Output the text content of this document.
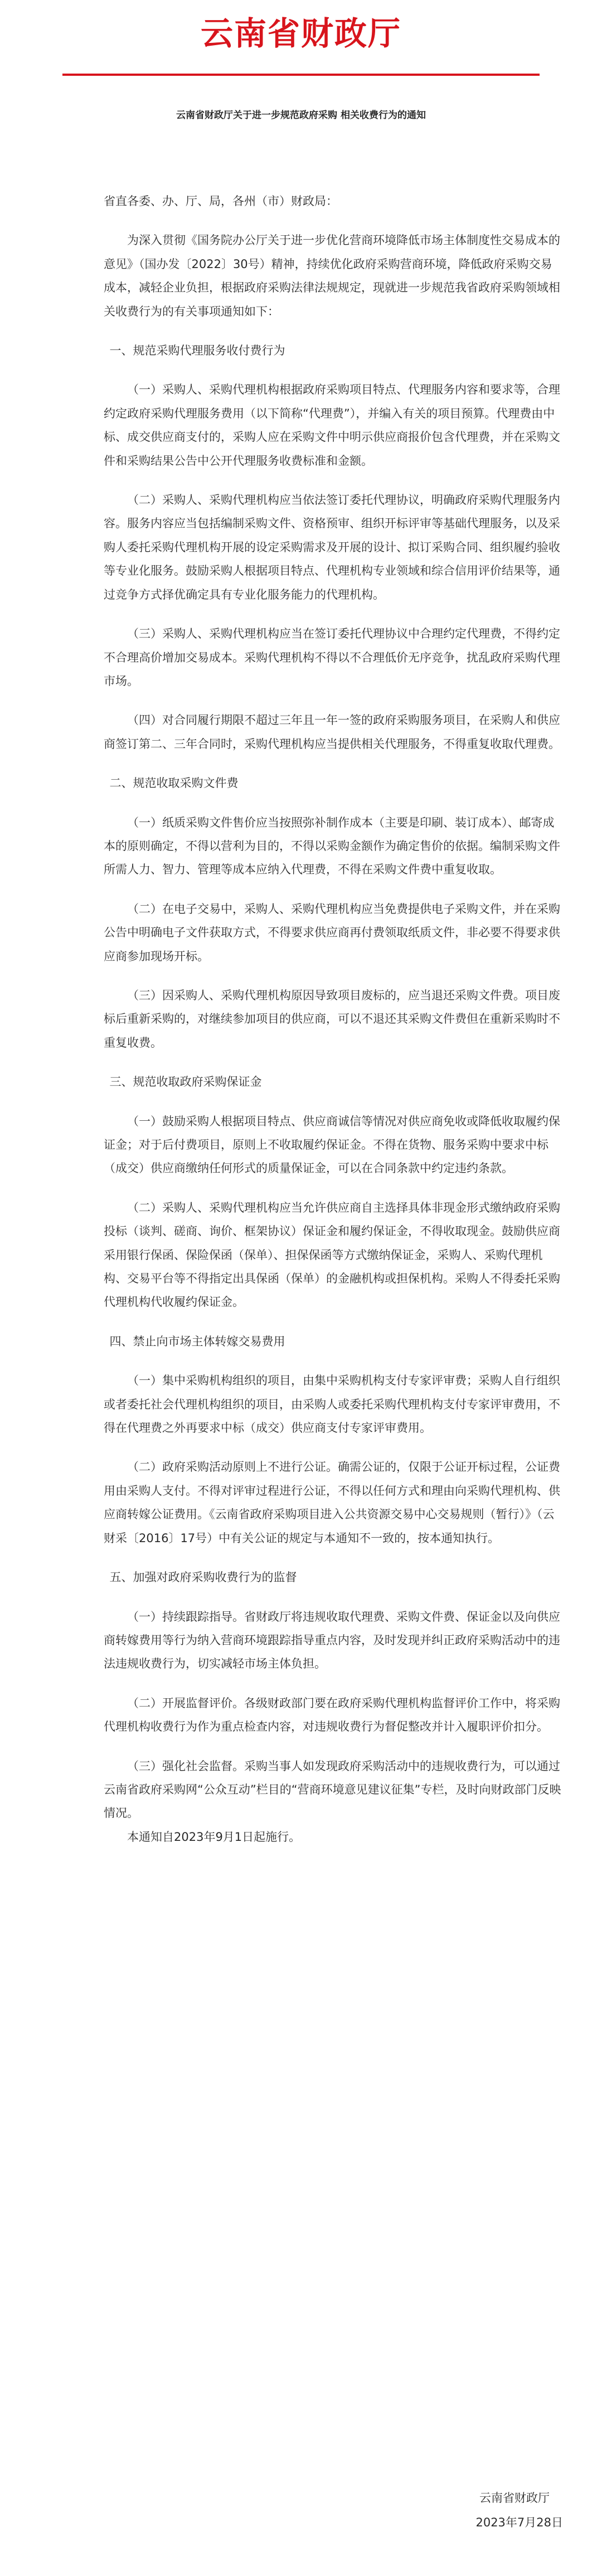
云南省财政厅
云南省财政厅关于进一步规范政府采购 相关收费行为的通知

省直各委、办、厅、局，各州（市）财政局：

为深入贯彻《国务院办公厅关于进一步优化营商环境降低市场主体制度性交易成本的意见》（国办发〔2022〕30号）精神，持续优化政府采购营商环境，降低政府采购交易成本，减轻企业负担，根据政府采购法律法规规定，现就进一步规范我省政府采购领域相关收费行为的有关事项通知如下：

一、规范采购代理服务收付费行为

（一）采购人、采购代理机构根据政府采购项目特点、代理服务内容和要求等，合理约定政府采购代理服务费用（以下简称“代理费”），并编入有关的项目预算。代理费由中标、成交供应商支付的，采购人应在采购文件中明示供应商报价包含代理费，并在采购文件和采购结果公告中公开代理服务收费标准和金额。

（二）采购人、采购代理机构应当依法签订委托代理协议，明确政府采购代理服务内容。服务内容应当包括编制采购文件、资格预审、组织开标评审等基础代理服务，以及采购人委托采购代理机构开展的设定采购需求及开展的设计、拟订采购合同、组织履约验收等专业化服务。鼓励采购人根据项目特点、代理机构专业领域和综合信用评价结果等，通过竞争方式择优确定具有专业化服务能力的代理机构。

（三）采购人、采购代理机构应当在签订委托代理协议中合理约定代理费，不得约定不合理高价增加交易成本。采购代理机构不得以不合理低价无序竞争，扰乱政府采购代理市场。

（四）对合同履行期限不超过三年且一年一签的政府采购服务项目，在采购人和供应商签订第二、三年合同时，采购代理机构应当提供相关代理服务，不得重复收取代理费。

二、规范收取采购文件费

（一）纸质采购文件售价应当按照弥补制作成本（主要是印刷、装订成本）、邮寄成本的原则确定，不得以营利为目的，不得以采购金额作为确定售价的依据。编制采购文件所需人力、智力、管理等成本应纳入代理费，不得在采购文件费中重复收取。

（二）在电子交易中，采购人、采购代理机构应当免费提供电子采购文件，并在采购公告中明确电子文件获取方式，不得要求供应商再付费领取纸质文件，非必要不得要求供应商参加现场开标。

（三）因采购人、采购代理机构原因导致项目废标的，应当退还采购文件费。项目废标后重新采购的，对继续参加项目的供应商，可以不退还其采购文件费但在重新采购时不重复收费。

三、规范收取政府采购保证金

（一）鼓励采购人根据项目特点、供应商诚信等情况对供应商免收或降低收取履约保证金；对于后付费项目，原则上不收取履约保证金。不得在货物、服务采购中要求中标（成交）供应商缴纳任何形式的质量保证金，可以在合同条款中约定违约条款。

（二）采购人、采购代理机构应当允许供应商自主选择具体非现金形式缴纳政府采购投标（谈判、磋商、询价、框架协议）保证金和履约保证金，不得收取现金。鼓励供应商采用银行保函、保险保函（保单）、担保保函等方式缴纳保证金，采购人、采购代理机构、交易平台等不得指定出具保函（保单）的金融机构或担保机构。采购人不得委托采购代理机构代收履约保证金。

四、禁止向市场主体转嫁交易费用

（一）集中采购机构组织的项目，由集中采购机构支付专家评审费；采购人自行组织或者委托社会代理机构组织的项目，由采购人或委托采购代理机构支付专家评审费用，不得在代理费之外再要求中标（成交）供应商支付专家评审费用。

（二）政府采购活动原则上不进行公证。确需公证的，仅限于公证开标过程，公证费用由采购人支付。不得对评审过程进行公证，不得以任何方式和理由向采购代理机构、供应商转嫁公证费用。《云南省政府采购项目进入公共资源交易中心交易规则（暂行）》（云财采〔2016〕17号）中有关公证的规定与本通知不一致的，按本通知执行。

五、加强对政府采购收费行为的监督

（一）持续跟踪指导。省财政厅将违规收取代理费、采购文件费、保证金以及向供应商转嫁费用等行为纳入营商环境跟踪指导重点内容，及时发现并纠正政府采购活动中的违法违规收费行为，切实减轻市场主体负担。

（二）开展监督评价。各级财政部门要在政府采购代理机构监督评价工作中，将采购代理机构收费行为作为重点检查内容，对违规收费行为督促整改并计入履职评价扣分。

（三）强化社会监督。采购当事人如发现政府采购活动中的违规收费行为，可以通过云南省政府采购网“公众互动”栏目的“营商环境意见建议征集”专栏，及时向财政部门反映情况。

本通知自2023年9月1日起施行。

云南省财政厅
2023年7月28日
